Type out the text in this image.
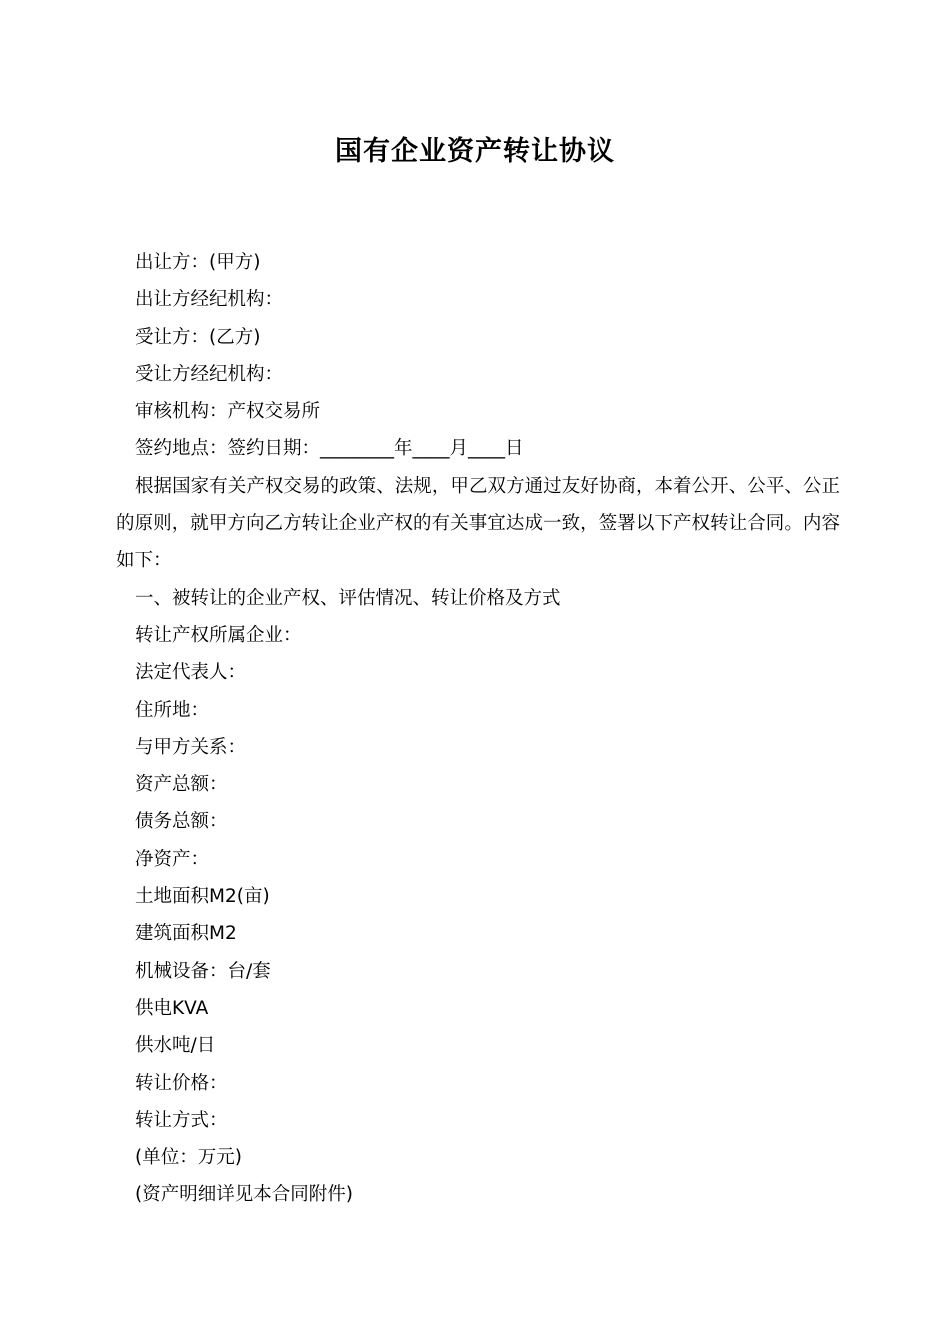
国有企业资产转让协议

出让方：(甲方)

出让方经纪机构：

受让方：(乙方)

受让方经纪机构：

审核机构：产权交易所

签约地点：签约日期：________年____月____日

根据国家有关产权交易的政策、法规，甲乙双方通过友好协商，本着公开、公平、公正的原则，就甲方向乙方转让企业产权的有关事宜达成一致，签署以下产权转让合同。内容如下：

一、被转让的企业产权、评估情况、转让价格及方式

转让产权所属企业：

法定代表人：

住所地：

与甲方关系：

资产总额：

债务总额：

净资产：

土地面积M2(亩)

建筑面积M2

机械设备：台/套

供电KVA

供水吨/日

转让价格：

转让方式：

(单位：万元)

(资产明细详见本合同附件)
